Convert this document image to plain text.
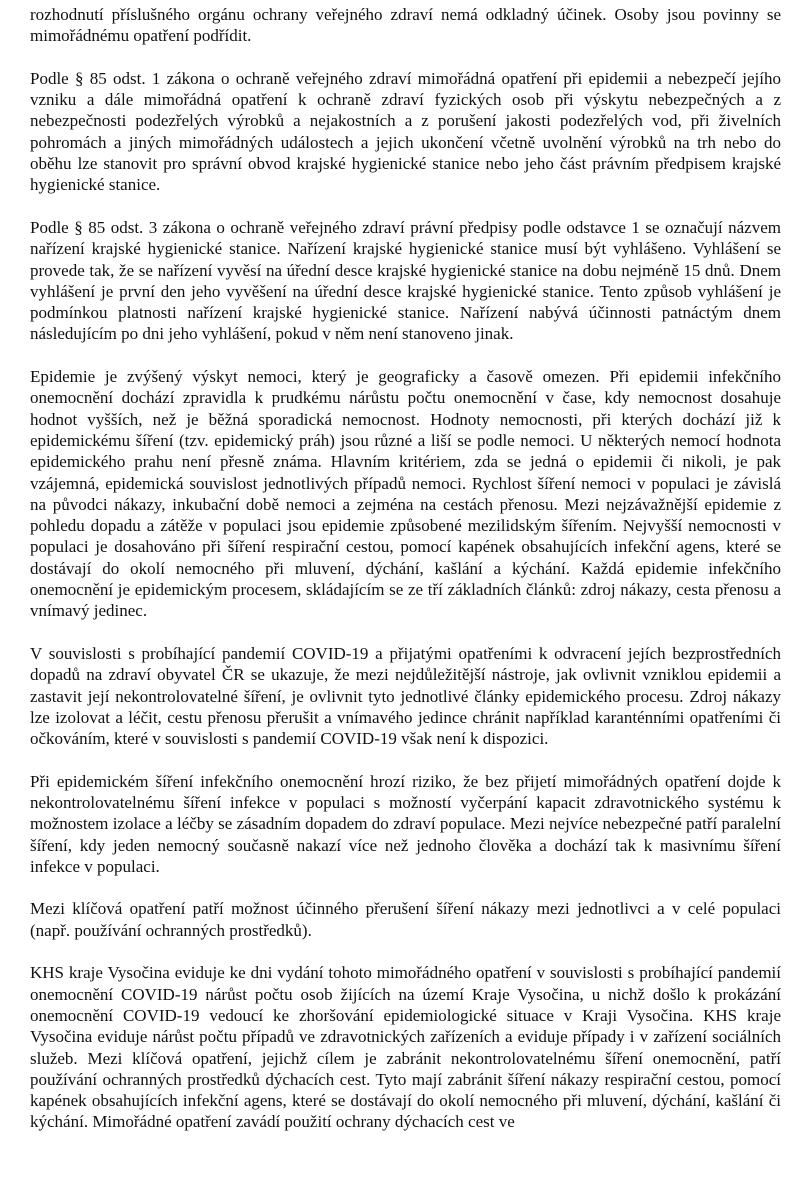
rozhodnutí příslušného orgánu ochrany veřejného zdraví nemá odkladný účinek. Osoby jsou povinny se mimořádnému opatření podřídit.

Podle § 85 odst. 1 zákona o ochraně veřejného zdraví mimořádná opatření při epidemii a nebezpečí jejího vzniku a dále mimořádná opatření k ochraně zdraví fyzických osob při výskytu nebezpečných a z nebezpečnosti podezřelých výrobků a nejakostních a z porušení jakosti podezřelých vod, při živelních pohromách a jiných mimořádných událostech a jejich ukončení včetně uvolnění výrobků na trh nebo do oběhu lze stanovit pro správní obvod krajské hygienické stanice nebo jeho část právním předpisem krajské hygienické stanice.

Podle § 85 odst. 3 zákona o ochraně veřejného zdraví právní předpisy podle odstavce 1 se označují názvem nařízení krajské hygienické stanice. Nařízení krajské hygienické stanice musí být vyhlášeno. Vyhlášení se provede tak, že se nařízení vyvěsí na úřední desce krajské hygienické stanice na dobu nejméně 15 dnů. Dnem vyhlášení je první den jeho vyvěšení na úřední desce krajské hygienické stanice. Tento způsob vyhlášení je podmínkou platnosti nařízení krajské hygienické stanice. Nařízení nabývá účinnosti patnáctým dnem následujícím po dni jeho vyhlášení, pokud v něm není stanoveno jinak.

Epidemie je zvýšený výskyt nemoci, který je geograficky a časově omezen. Při epidemii infekčního onemocnění dochází zpravidla k prudkému nárůstu počtu onemocnění v čase, kdy nemocnost dosahuje hodnot vyšších, než je běžná sporadická nemocnost. Hodnoty nemocnosti, při kterých dochází již k epidemickému šíření (tzv. epidemický práh) jsou různé a liší se podle nemoci. U některých nemocí hodnota epidemického prahu není přesně známa. Hlavním kritériem, zda se jedná o epidemii či nikoli, je pak vzájemná, epidemická souvislost jednotlivých případů nemoci. Rychlost šíření nemoci v populaci je závislá na původci nákazy, inkubační době nemoci a zejména na cestách přenosu. Mezi nejzávažnější epidemie z pohledu dopadu a zátěže v populaci jsou epidemie způsobené mezilidským šířením. Nejvyšší nemocnosti v populaci je dosahováno při šíření respirační cestou, pomocí kapének obsahujících infekční agens, které se dostávají do okolí nemocného při mluvení, dýchání, kašlání a kýchání. Každá epidemie infekčního onemocnění je epidemickým procesem, skládajícím se ze tří základních článků: zdroj nákazy, cesta přenosu a vnímavý jedinec.

V souvislosti s probíhající pandemií COVID-19 a přijatými opatřeními k odvracení jejích bezprostředních dopadů na zdraví obyvatel ČR se ukazuje, že mezi nejdůležitější nástroje, jak ovlivnit vzniklou epidemii a zastavit její nekontrolovatelné šíření, je ovlivnit tyto jednotlivé články epidemického procesu. Zdroj nákazy lze izolovat a léčit, cestu přenosu přerušit a vnímavého jedince chránit například karanténními opatřeními či očkováním, které v souvislosti s pandemií COVID-19 však není k dispozici.

Při epidemickém šíření infekčního onemocnění hrozí riziko, že bez přijetí mimořádných opatření dojde k nekontrolovatelnému šíření infekce v populaci s možností vyčerpání kapacit zdravotnického systému k možnostem izolace a léčby se zásadním dopadem do zdraví populace. Mezi nejvíce nebezpečné patří paralelní šíření, kdy jeden nemocný současně nakazí více než jednoho člověka a dochází tak k masivnímu šíření infekce v populaci.

Mezi klíčová opatření patří možnost účinného přerušení šíření nákazy mezi jednotlivci a v celé populaci (např. používání ochranných prostředků).

KHS kraje Vysočina eviduje ke dni vydání tohoto mimořádného opatření v souvislosti s probíhající pandemií onemocnění COVID-19 nárůst počtu osob žijících na území Kraje Vysočina, u nichž došlo k prokázání onemocnění COVID-19 vedoucí ke zhoršování epidemiologické situace v Kraji Vysočina. KHS kraje Vysočina eviduje nárůst počtu případů ve zdravotnických zařízeních a eviduje případy i v zařízení sociálních služeb. Mezi klíčová opatření, jejichž cílem je zabránit nekontrolovatelnému šíření onemocnění, patří používání ochranných prostředků dýchacích cest. Tyto mají zabránit šíření nákazy respirační cestou, pomocí kapének obsahujících infekční agens, které se dostávají do okolí nemocného při mluvení, dýchání, kašlání či kýchání. Mimořádné opatření zavádí použití ochrany dýchacích cest ve
